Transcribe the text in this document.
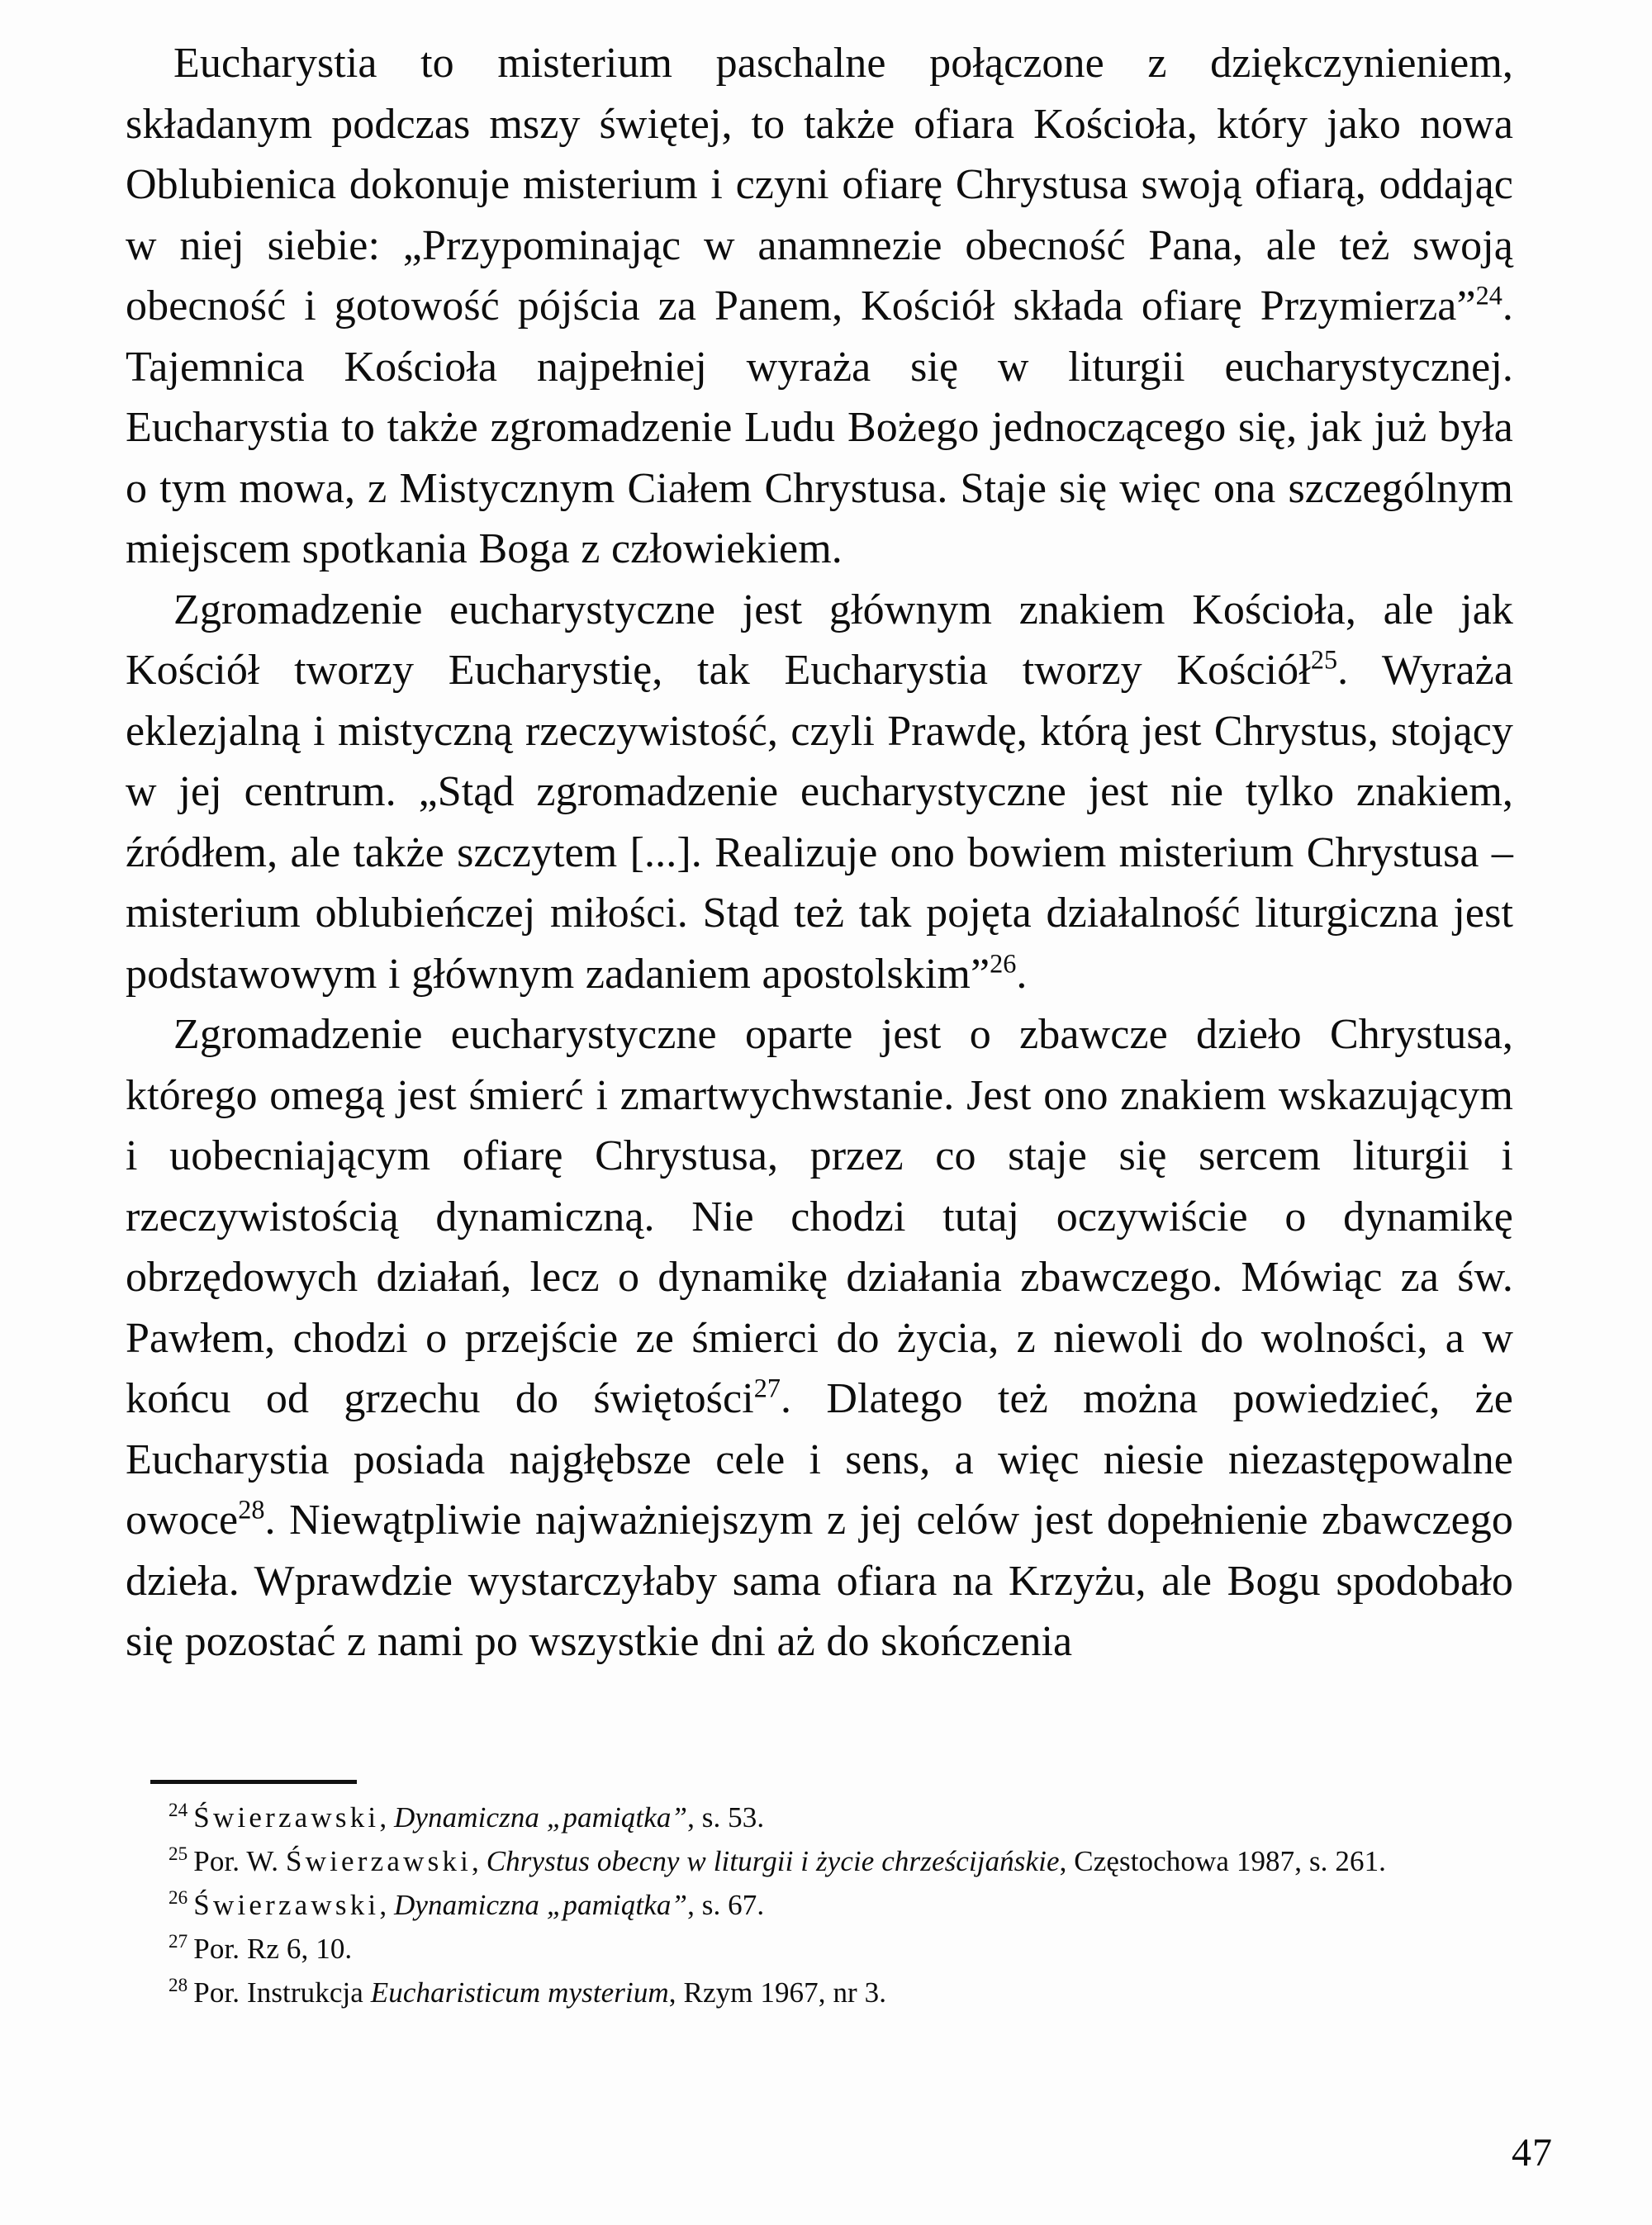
Eucharystia to misterium paschalne połączone z dziękczynieniem, składanym podczas mszy świętej, to także ofiara Kościoła, który jako nowa Oblubienica dokonuje misterium i czyni ofiarę Chrystusa swoją ofiarą, oddając w niej siebie: „Przypominając w anamnezie obecność Pana, ale też swoją obecność i gotowość pójścia za Panem, Kościół składa ofiarę Przymierza”$^{24}$. Tajemnica Kościoła najpełniej wyraża się w liturgii eucharystycznej. Eucharystia to także zgromadzenie Ludu Bożego jednoczącego się, jak już była o tym mowa, z Mistycznym Ciałem Chrystusa. Staje się więc ona szczególnym miejscem spotkania Boga z człowiekiem.

Zgromadzenie eucharystyczne jest głównym znakiem Kościoła, ale jak Kościół tworzy Eucharystię, tak Eucharystia tworzy Kościół$^{25}$. Wyraża eklezjalną i mistyczną rzeczywistość, czyli Prawdę, którą jest Chrystus, stojący w jej centrum. „Stąd zgromadzenie eucharystyczne jest nie tylko znakiem, źródłem, ale także szczytem [...]. Realizuje ono bowiem misterium Chrystusa – misterium oblubieńczej miłości. Stąd też tak pojęta działalność liturgiczna jest podstawowym i głównym zadaniem apostolskim”$^{26}$.

Zgromadzenie eucharystyczne oparte jest o zbawcze dzieło Chrystusa, którego omegą jest śmierć i zmartwychwstanie. Jest ono znakiem wskazującym i uobecniającym ofiarę Chrystusa, przez co staje się sercem liturgii i rzeczywistością dynamiczną. Nie chodzi tutaj oczywiście o dynamikę obrzędowych działań, lecz o dynamikę działania zbawczego. Mówiąc za św. Pawłem, chodzi o przejście ze śmierci do życia, z niewoli do wolności, a w końcu od grzechu do świętości$^{27}$. Dlatego też można powiedzieć, że Eucharystia posiada najgłębsze cele i sens, a więc niesie niezastępowalne owoce$^{28}$. Niewątpliwie najważniejszym z jej celów jest dopełnienie zbawczego dzieła. Wprawdzie wystarczyłaby sama ofiara na Krzyżu, ale Bogu spodobało się pozostać z nami po wszystkie dni aż do skończenia

$^{24}$ Świerzawski, Dynamiczna „pamiątka”, s. 53.

$^{25}$ Por. W. Świerzawski, Chrystus obecny w liturgii i życie chrześcijańskie, Częstochowa 1987, s. 261.

$^{26}$ Świerzawski, Dynamiczna „pamiątka”, s. 67.

$^{27}$ Por. Rz 6, 10.

$^{28}$ Por. Instrukcja Eucharisticum mysterium, Rzym 1967, nr 3.

47
